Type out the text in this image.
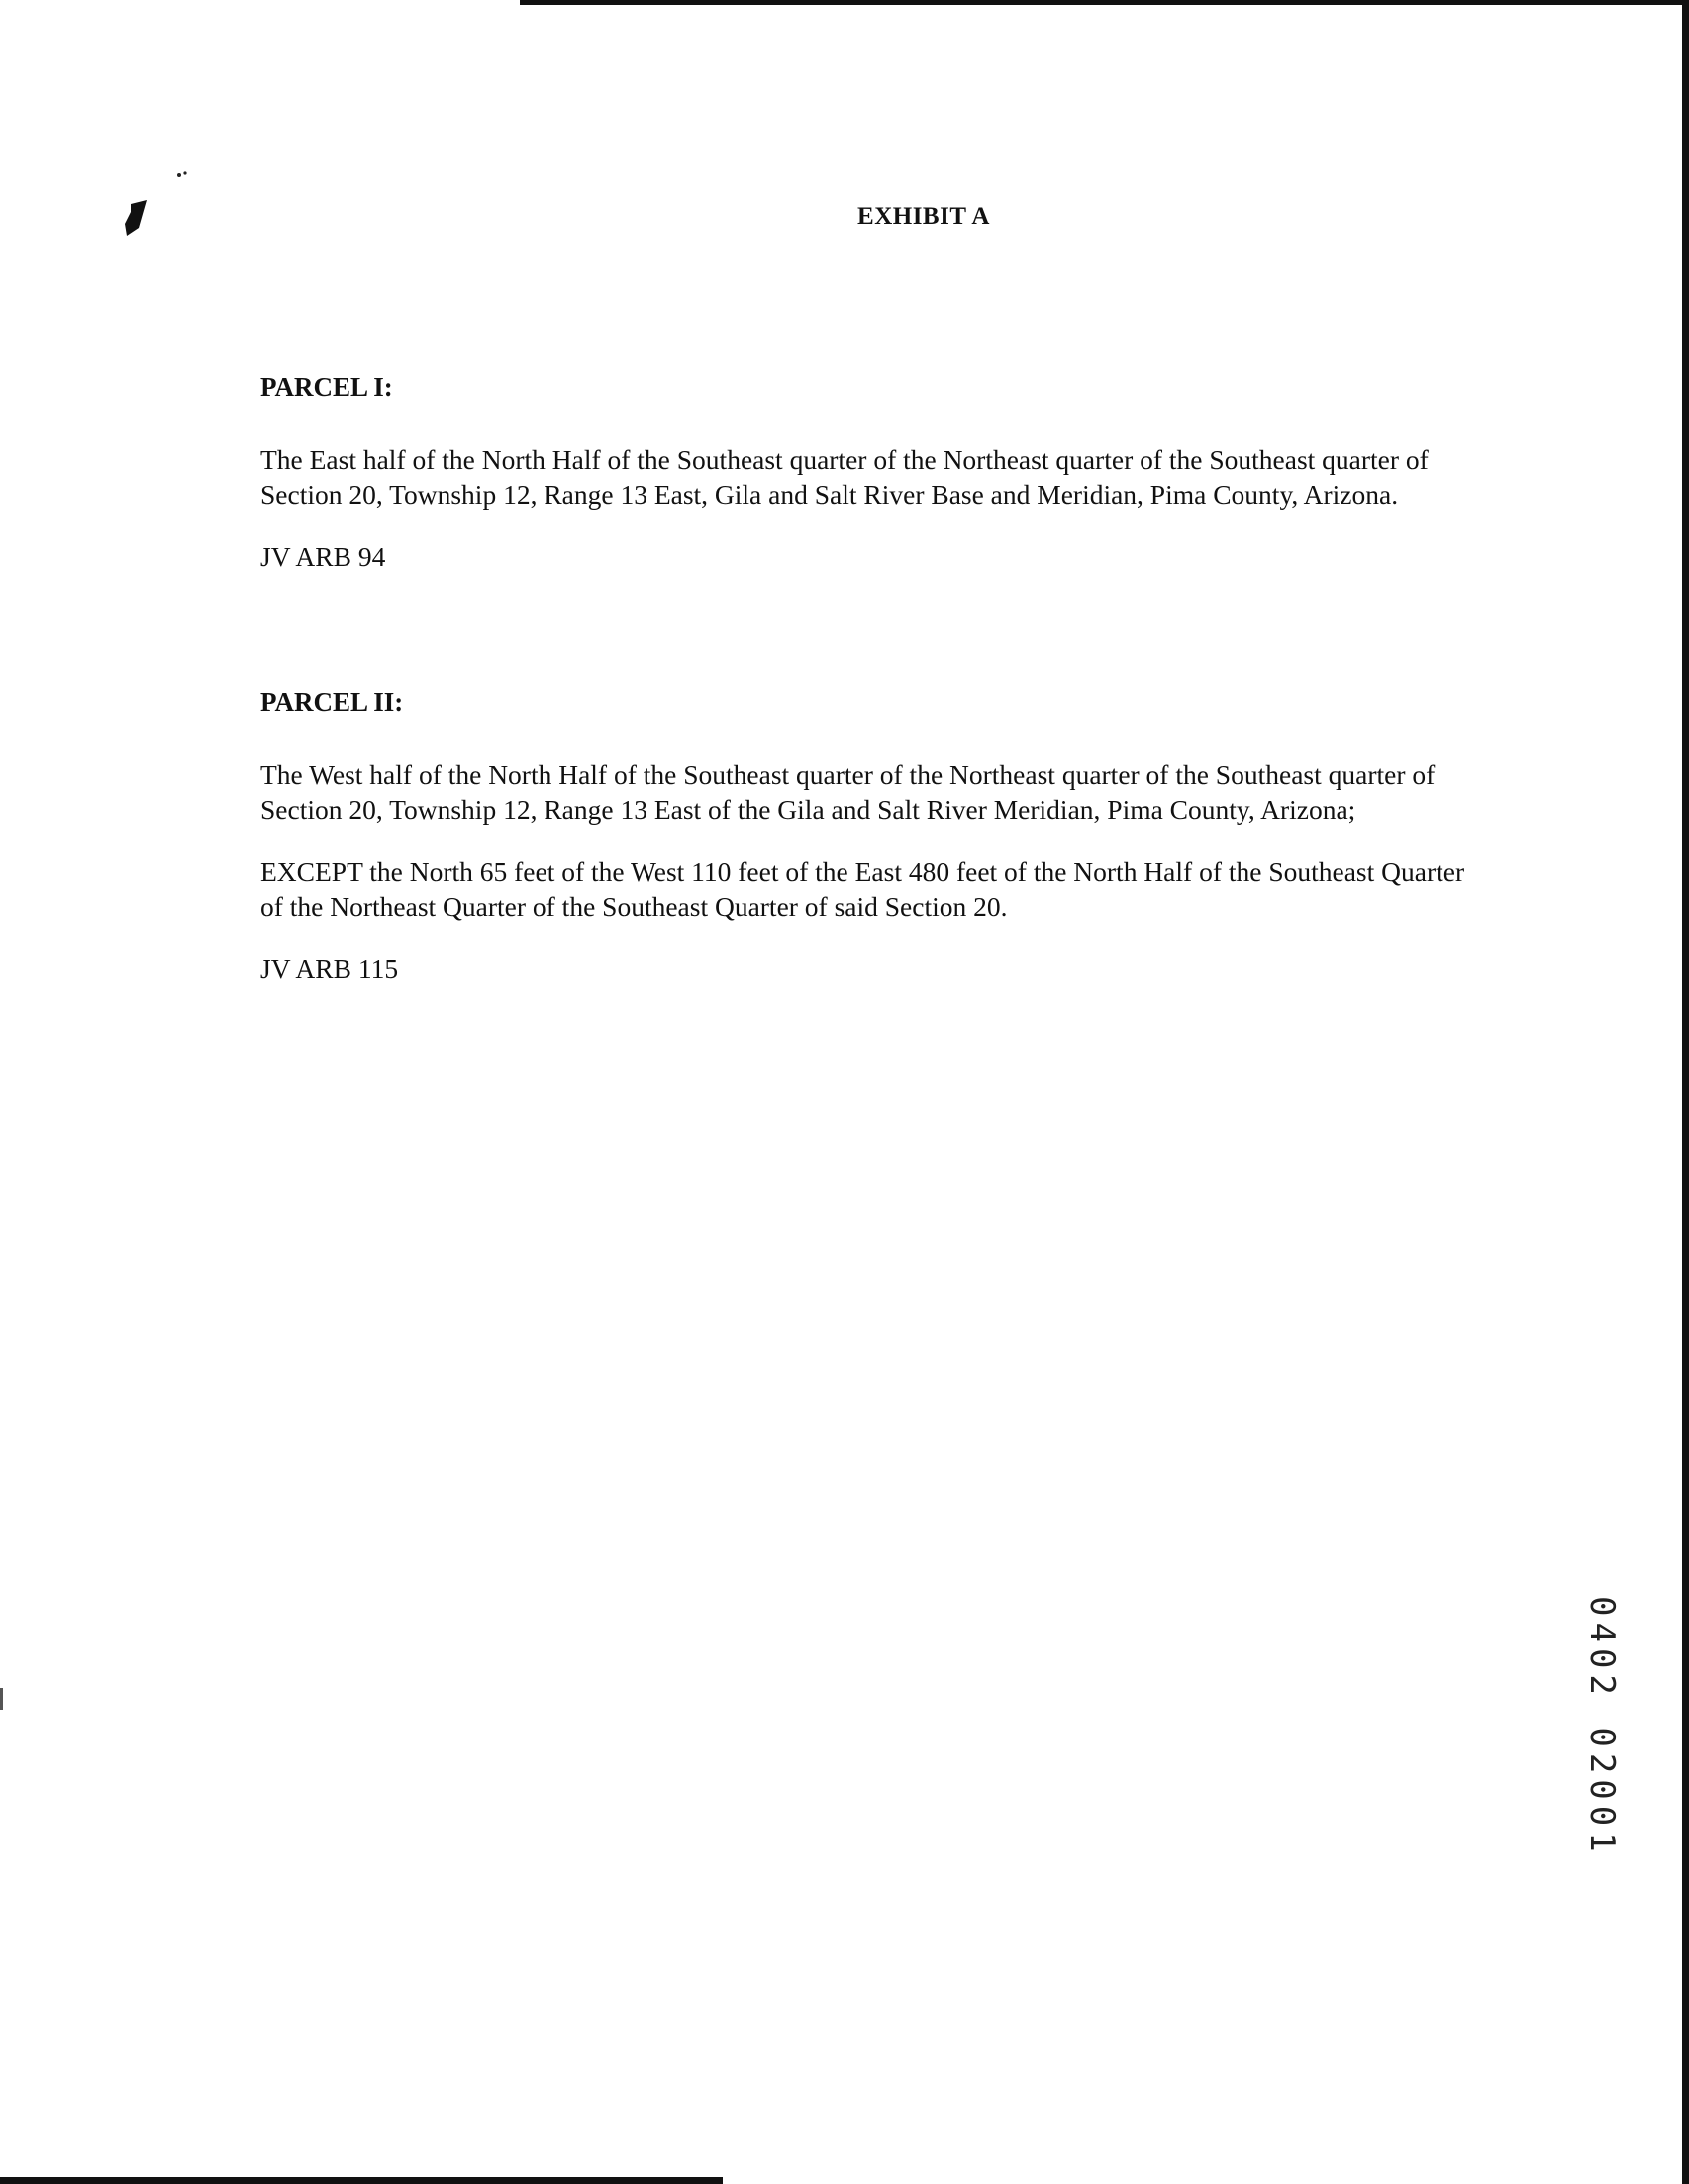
EXHIBIT A

PARCEL I:

The East half of the North Half of the Southeast quarter of the Northeast quarter of the Southeast quarter of Section 20, Township 12, Range 13 East, Gila and Salt River Base and Meridian, Pima County, Arizona.

JV ARB 94

PARCEL II:

The West half of the North Half of the Southeast quarter of the Northeast quarter of the Southeast quarter of Section 20, Township 12, Range 13 East of the Gila and Salt River Meridian, Pima County, Arizona;

EXCEPT the North 65 feet of the West 110 feet of the East 480 feet of the North Half of the Southeast Quarter of the Northeast Quarter of the Southeast Quarter of said Section 20.

JV ARB 115

0402 02001
